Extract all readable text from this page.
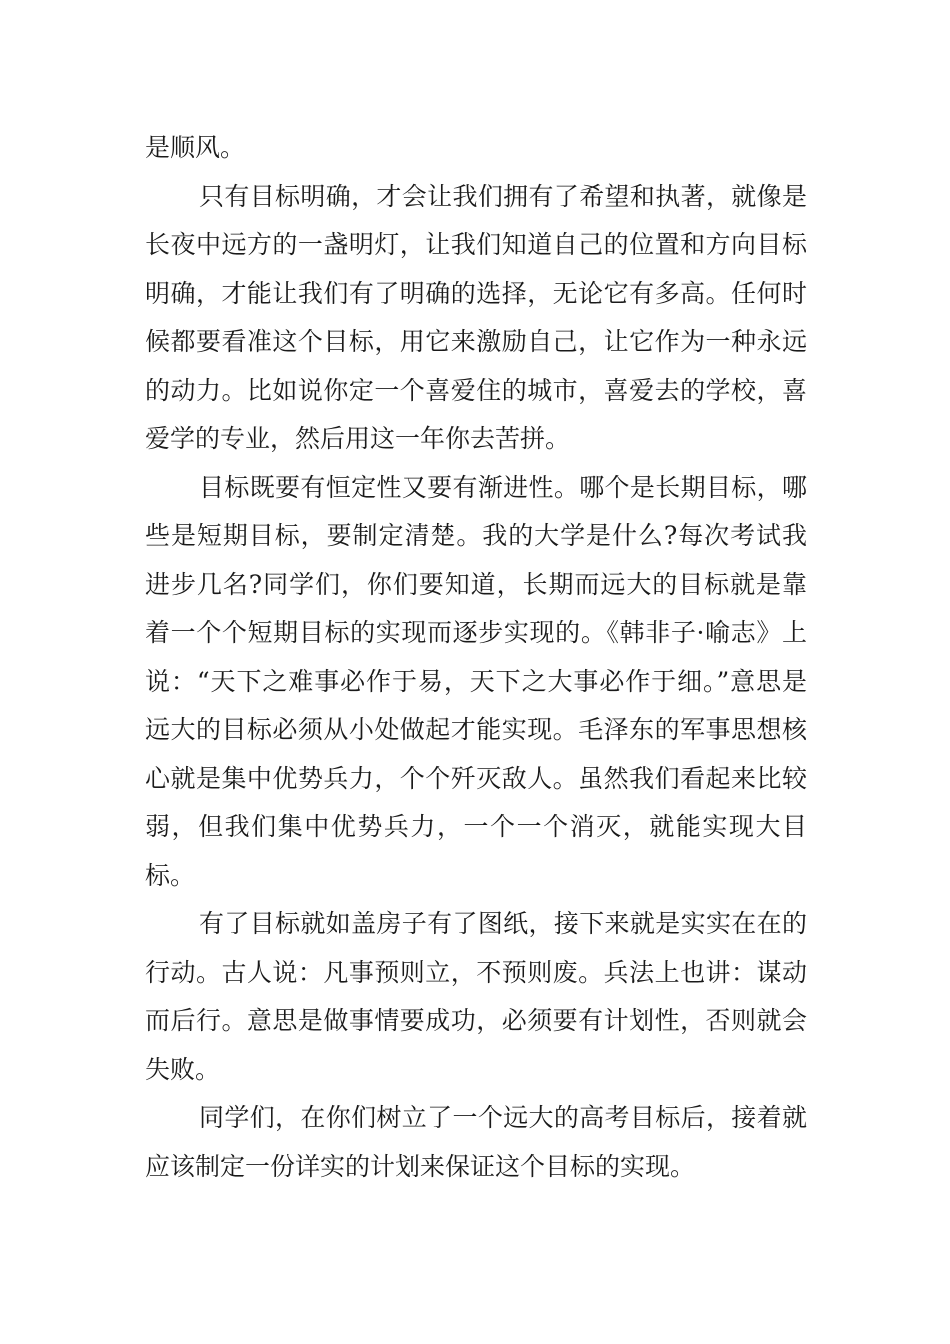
是顺风。

只有目标明确，才会让我们拥有了希望和执著，就像是长夜中远方的一盏明灯，让我们知道自己的位置和方向目标明确，才能让我们有了明确的选择，无论它有多高。任何时候都要看准这个目标，用它来激励自己，让它作为一种永远的动力。比如说你定一个喜爱住的城市，喜爱去的学校，喜爱学的专业，然后用这一年你去苦拼。

目标既要有恒定性又要有渐进性。哪个是长期目标，哪些是短期目标，要制定清楚。我的大学是什么?每次考试我进步几名?同学们，你们要知道，长期而远大的目标就是靠着一个个短期目标的实现而逐步实现的。《韩非子·喻志》上说：“天下之难事必作于易，天下之大事必作于细。”意思是远大的目标必须从小处做起才能实现。毛泽东的军事思想核心就是集中优势兵力，个个歼灭敌人。虽然我们看起来比较弱，但我们集中优势兵力，一个一个消灭，就能实现大目标。

有了目标就如盖房子有了图纸，接下来就是实实在在的行动。古人说：凡事预则立，不预则废。兵法上也讲：谋动而后行。意思是做事情要成功，必须要有计划性，否则就会失败。

同学们，在你们树立了一个远大的高考目标后，接着就应该制定一份详实的计划来保证这个目标的实现。
